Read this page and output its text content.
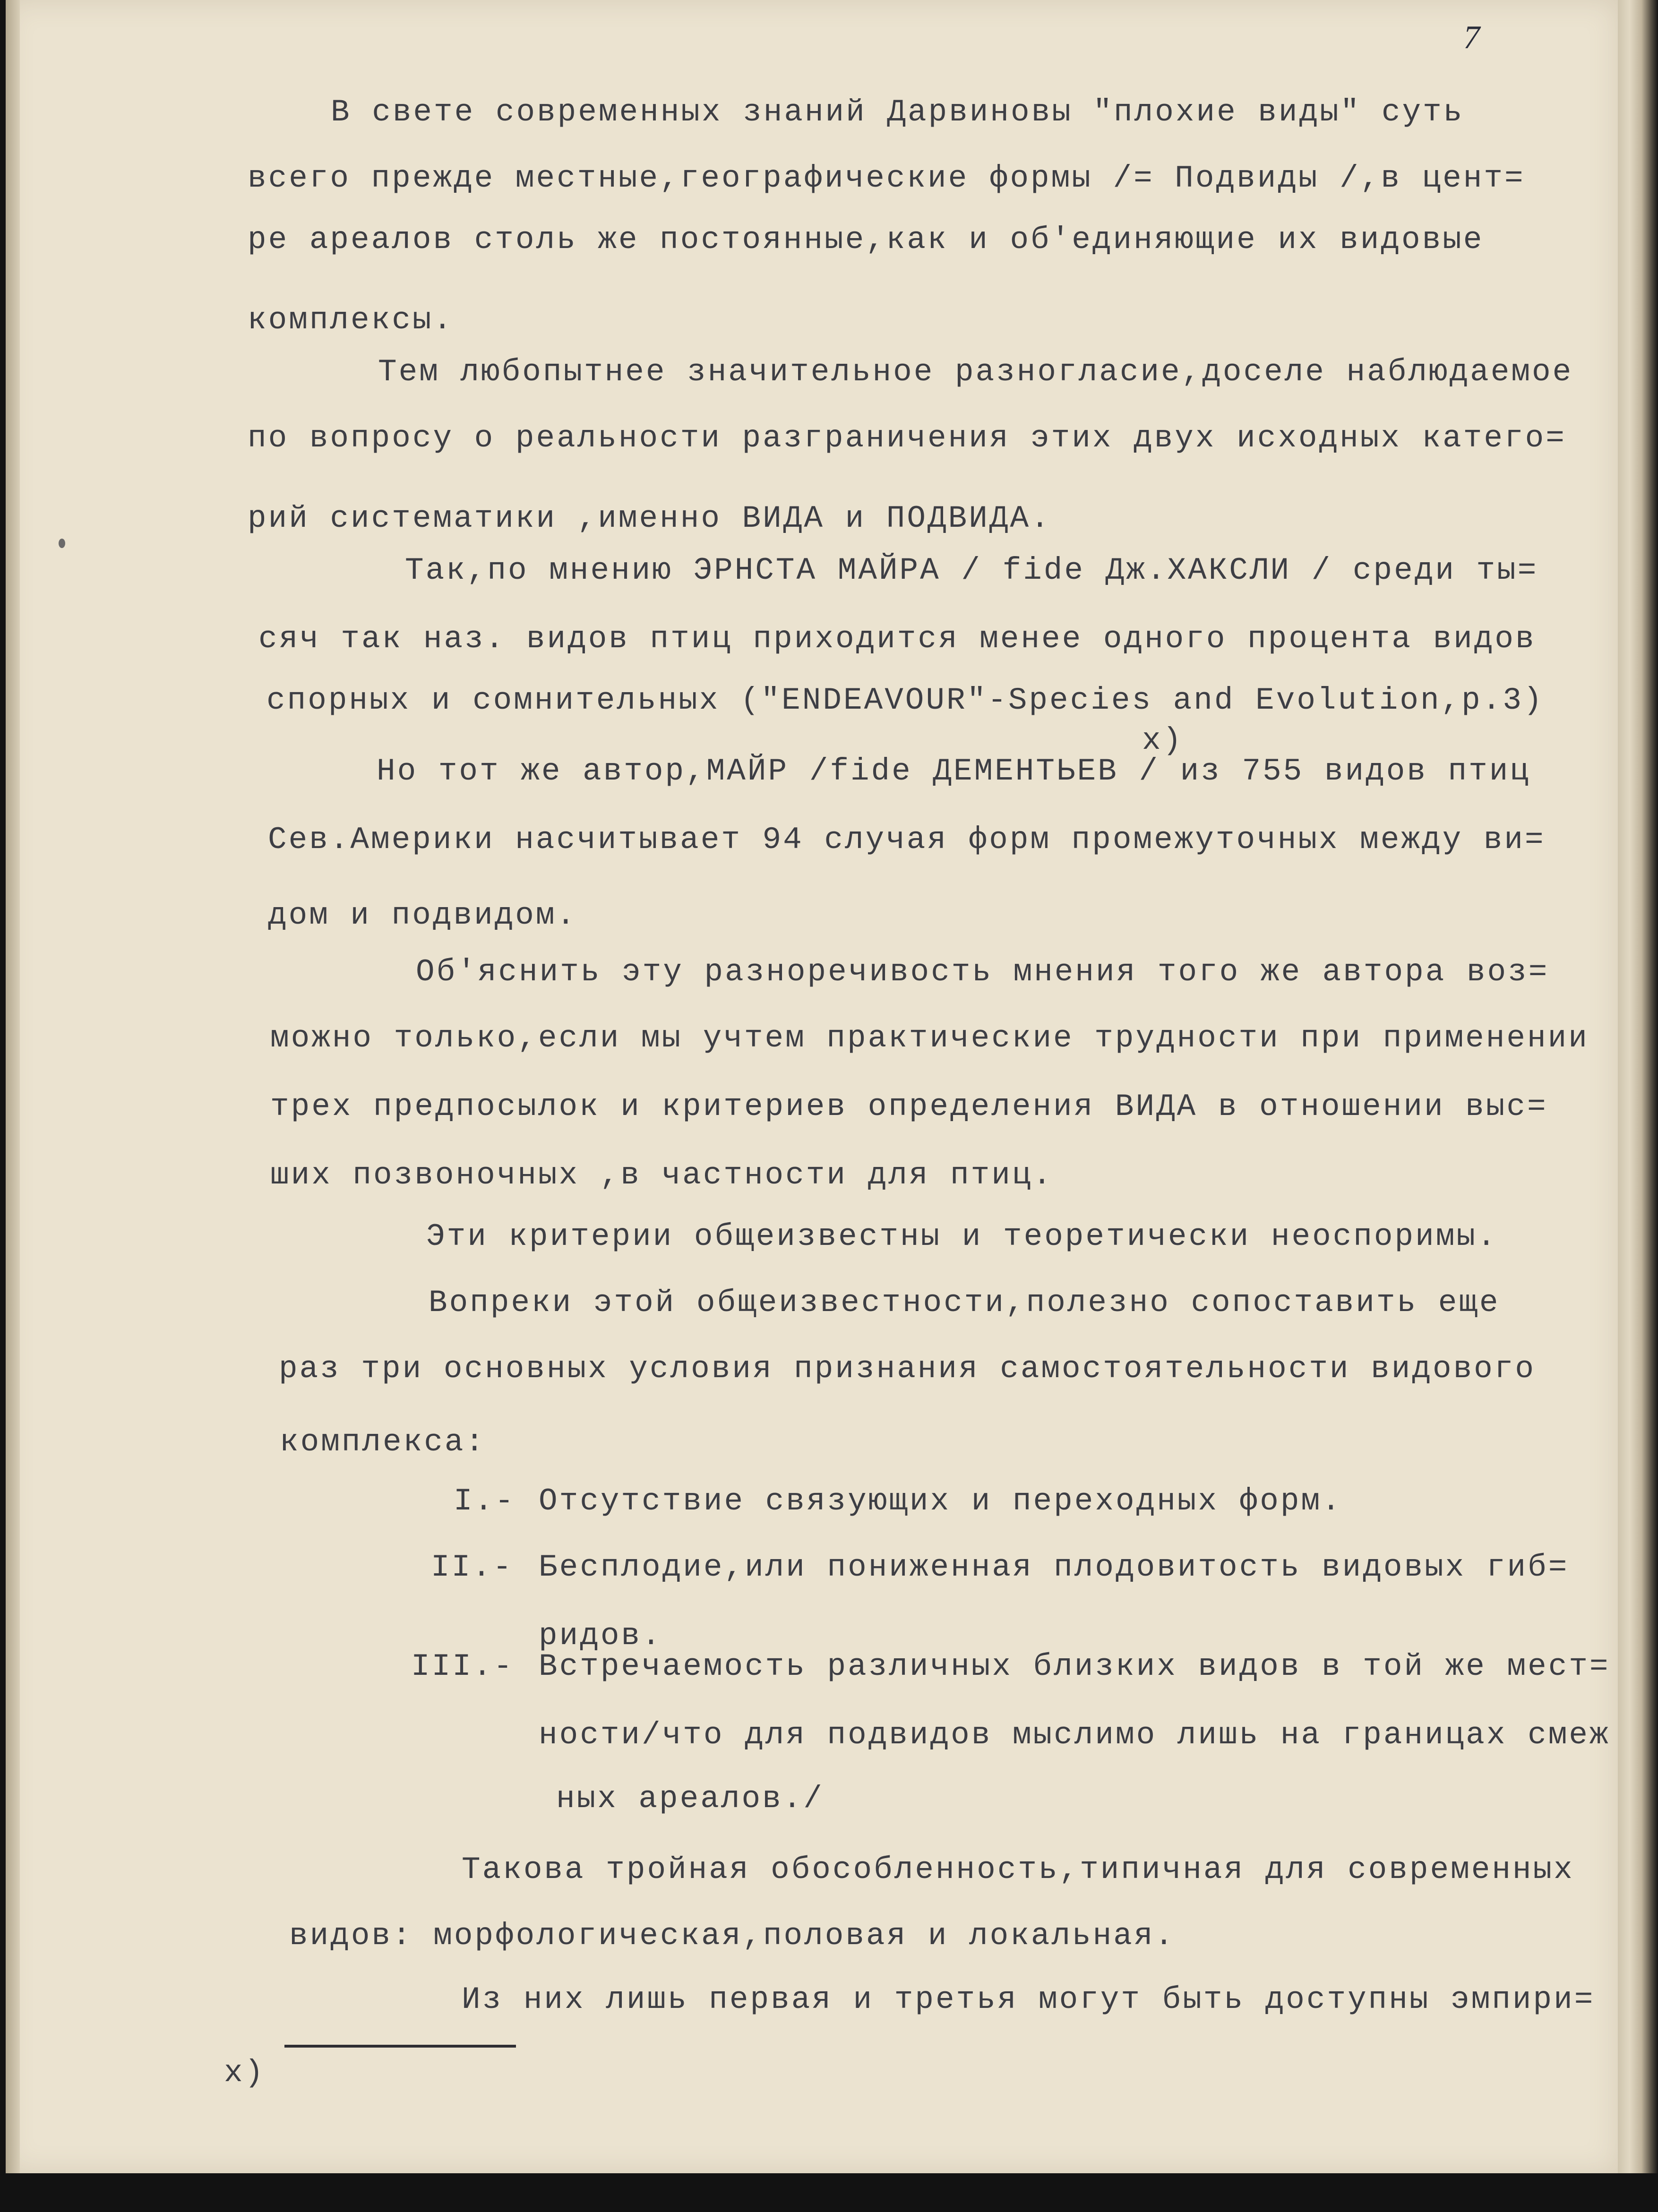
7
В свете современных знаний Дарвиновы "плохие виды" суть
всего прежде местные,географические формы /= Подвиды /,в цент=
ре ареалов столь же постоянные,как и об'единяющие их видовые
комплексы.
Тем любопытнее значительное разногласие,доселе наблюдаемое
по вопросу о реальности разграничения этих двух исходных катего=
рий систематики ,именно ВИДА и ПОДВИДА.
Так,по мнению ЭРНСТА МАЙРА / fide Дж.ХАКСЛИ / среди ты=
сяч так наз. видов птиц приходится менее одного процента видов
спорных и сомнительных ("ENDEAVOUR"-Species and Evolution,p.3)
x)
Но тот же автор,МАЙР /fide ДЕМЕНТЬЕВ / из 755 видов птиц
Сев.Америки насчитывает 94 случая форм промежуточных между ви=
дом и подвидом.
Об'яснить эту разноречивость мнения того же автора воз=
можно только,если мы учтем практические трудности при применении
трех предпосылок и критериев определения ВИДА в отношении выс=
ших позвоночных ,в частности для птиц.
Эти критерии общеизвестны и теоретически неоспоримы.
Вопреки этой общеизвестности,полезно сопоставить еще
раз три основных условия признания самостоятельности видового
комплекса:
I.- Отсутствие связующих и переходных форм.
II.- Бесплодие,или пониженная плодовитость видовых гиб=
ридов.
III.- Встречаемость различных близких видов в той же мест=
ности/что для подвидов мыслимо лишь на границах смеж
ных ареалов./
Такова тройная обособленность,типичная для современных
видов: морфологическая,половая и локальная.
Из них лишь первая и третья могут быть доступны эмпири=
x)
